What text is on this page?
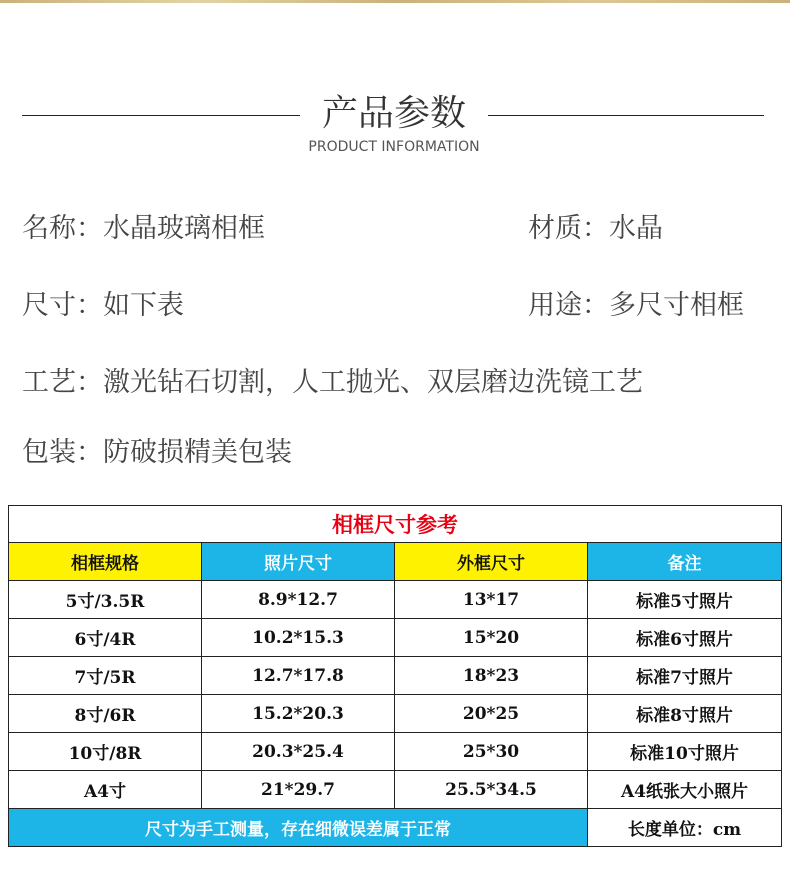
产品参数
PRODUCT INFORMATION
名称：水晶玻璃相框	材质：水晶
尺寸：如下表	用途：多尺寸相框
工艺：激光钻石切割，人工抛光、双层磨边洗镜工艺
包装：防破损精美包装
相框尺寸参考			
相框规格	照片尺寸	外框尺寸	备注
5寸/3.5R	8.9*12.7	13*17	标准5寸照片
6寸/4R	10.2*15.3	15*20	标准6寸照片
7寸/5R	12.7*17.8	18*23	标准7寸照片
8寸/6R	15.2*20.3	20*25	标准8寸照片
10寸/8R	20.3*25.4	25*30	标准10寸照片
A4寸	21*29.7	25.5*34.5	A4纸张大小照片
尺寸为手工测量，存在细微误差属于正常			长度单位：cm
